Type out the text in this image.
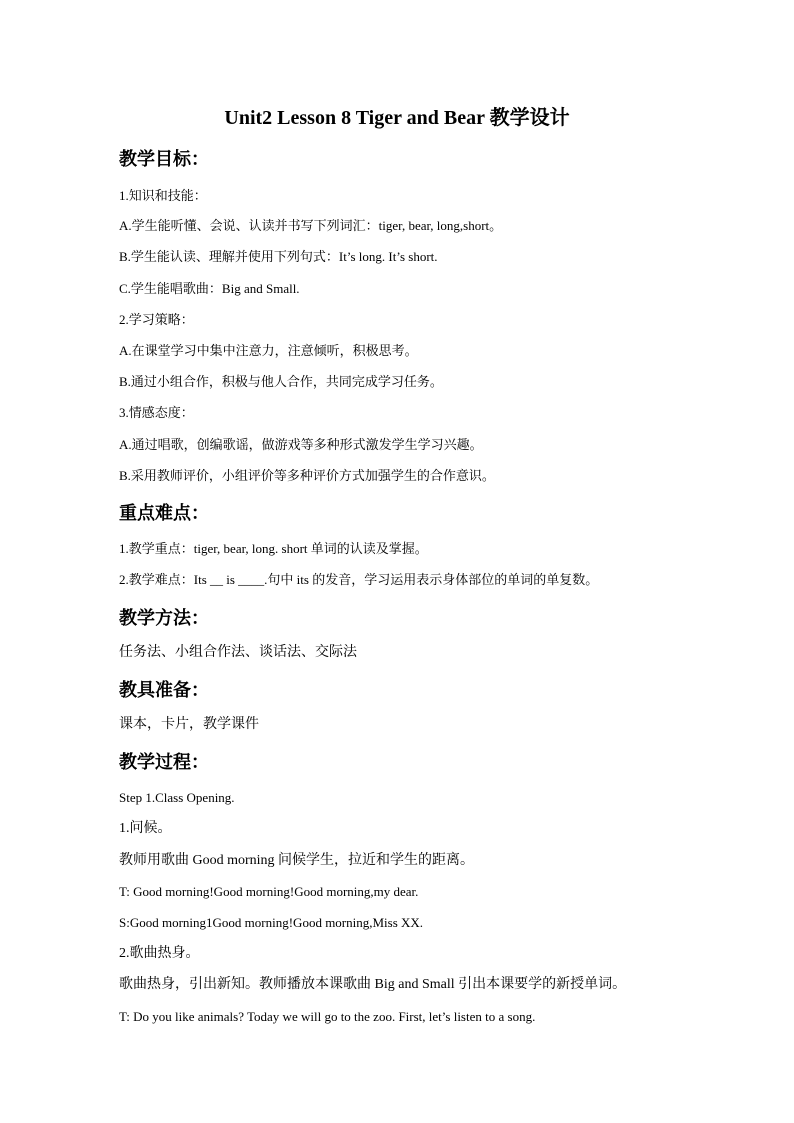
Unit2 Lesson 8 Tiger and Bear 教学设计
教学目标：
1.知识和技能：
A.学生能听懂、会说、认读并书写下列词汇：tiger, bear, long,short。
B.学生能认读、理解并使用下列句式：It’s long. It’s short.
C.学生能唱歌曲：Big and Small.
2.学习策略：
A.在课堂学习中集中注意力，注意倾听，积极思考。
B.通过小组合作，积极与他人合作，共同完成学习任务。
3.情感态度：
A.通过唱歌，创编歌谣，做游戏等多种形式激发学生学习兴趣。
B.采用教师评价，小组评价等多种评价方式加强学生的合作意识。
重点难点：
1.教学重点：tiger, bear, long. short 单词的认读及掌握。
2.教学难点：Its __ is ____.句中 its 的发音，学习运用表示身体部位的单词的单复数。
教学方法：
任务法、小组合作法、谈话法、交际法
教具准备：
课本，卡片，教学课件
教学过程：
Step 1.Class Opening.
1.问候。
教师用歌曲 Good morning 问候学生，拉近和学生的距离。
T: Good morning!Good morning!Good morning,my dear.
S:Good morning1Good morning!Good morning,Miss XX.
2.歌曲热身。
歌曲热身，引出新知。教师播放本课歌曲 Big and Small 引出本课要学的新授单词。
T: Do you like animals? Today we will go to the zoo. First, let’s listen to a song.
